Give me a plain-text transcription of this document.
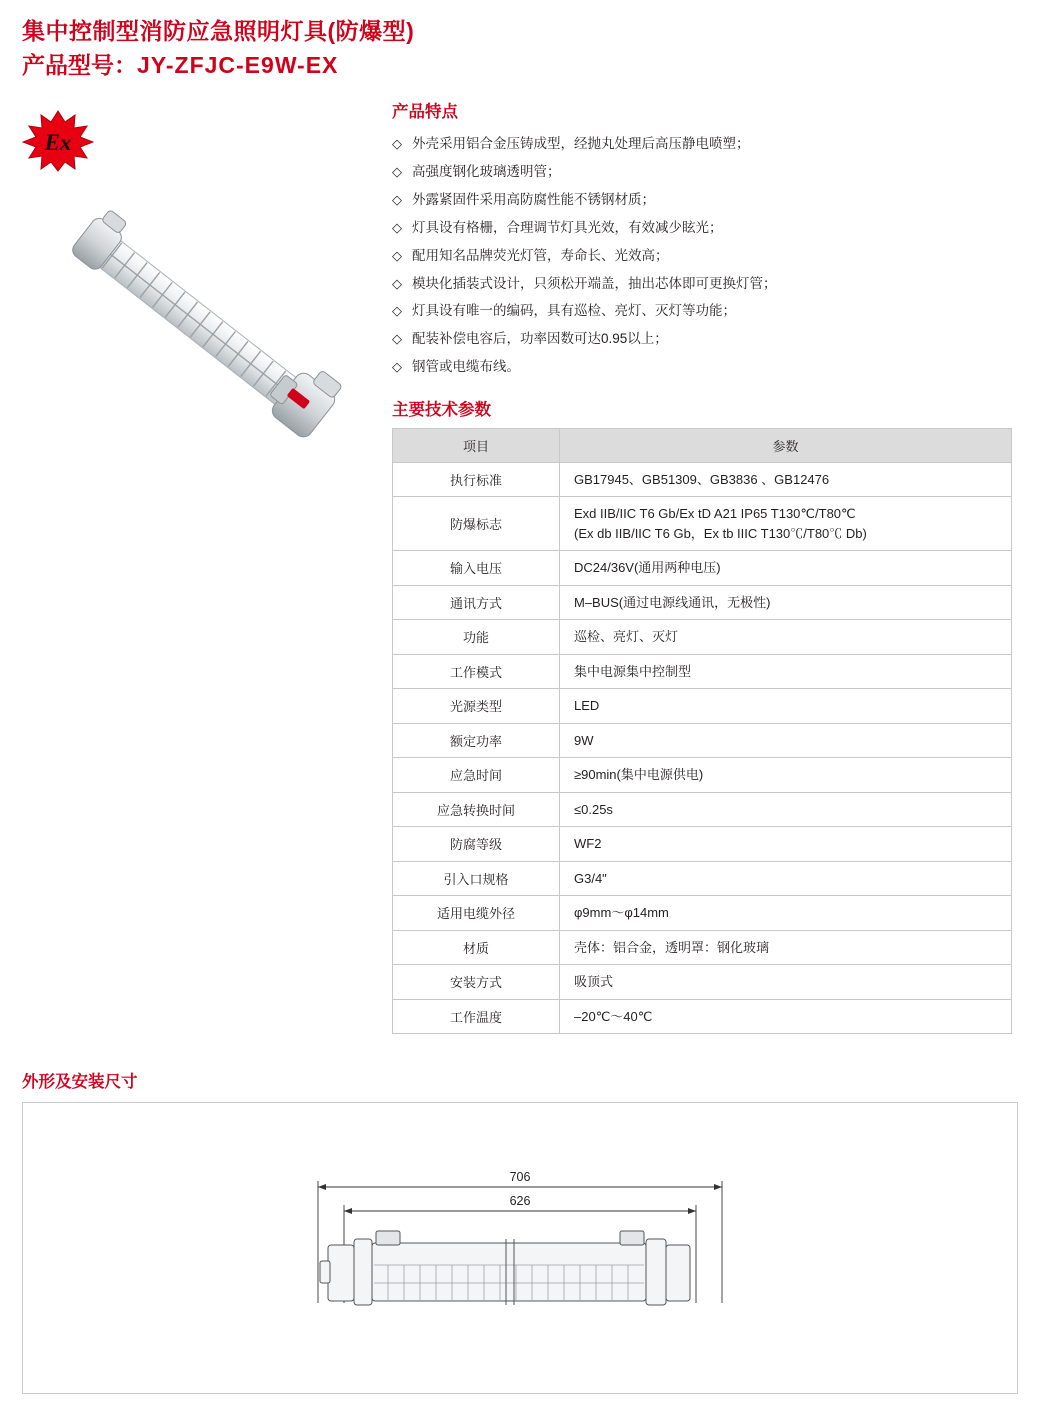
集中控制型消防应急照明灯具(防爆型)
产品型号：JY-ZFJC-E9W-EX
Ex
产品特点
◇ 外壳采用铝合金压铸成型，经抛丸处理后高压静电喷塑；
◇ 高强度钢化玻璃透明管；
◇ 外露紧固件采用高防腐性能不锈钢材质；
◇ 灯具设有格栅，合理调节灯具光效，有效减少眩光；
◇ 配用知名品牌荧光灯管，寿命长、光效高；
◇ 模块化插装式设计，只须松开端盖，抽出芯体即可更换灯管；
◇ 灯具设有唯一的编码，具有巡检、亮灯、灭灯等功能；
◇ 配装补偿电容后，功率因数可达0.95以上；
◇ 钢管或电缆布线。
主要技术参数
项目	参数
执行标准	GB17945、GB51309、GB3836 、GB12476
防爆标志	Exd IIB/IIC T6 Gb/Ex tD A21 IP65 T130℃/T80℃
(Ex db IIB/IIC T6 Gb，Ex tb IIIC T130℃/T80℃ Db)

输入电压	DC24/36V(通用两种电压)
通讯方式	M–BUS(通过电源线通讯，无极性)
功能	巡检、亮灯、灭灯
工作模式	集中电源集中控制型
光源类型	LED
额定功率	9W
应急时间	≥90min(集中电源供电)
应急转换时间	≤0.25s
防腐等级	WF2
引入口规格	G3/4"
适用电缆外径	φ9mm～φ14mm
材质	壳体：铝合金，透明罩：钢化玻璃
安装方式	吸顶式
工作温度	–20℃～40℃
外形及安装尺寸
706
626
